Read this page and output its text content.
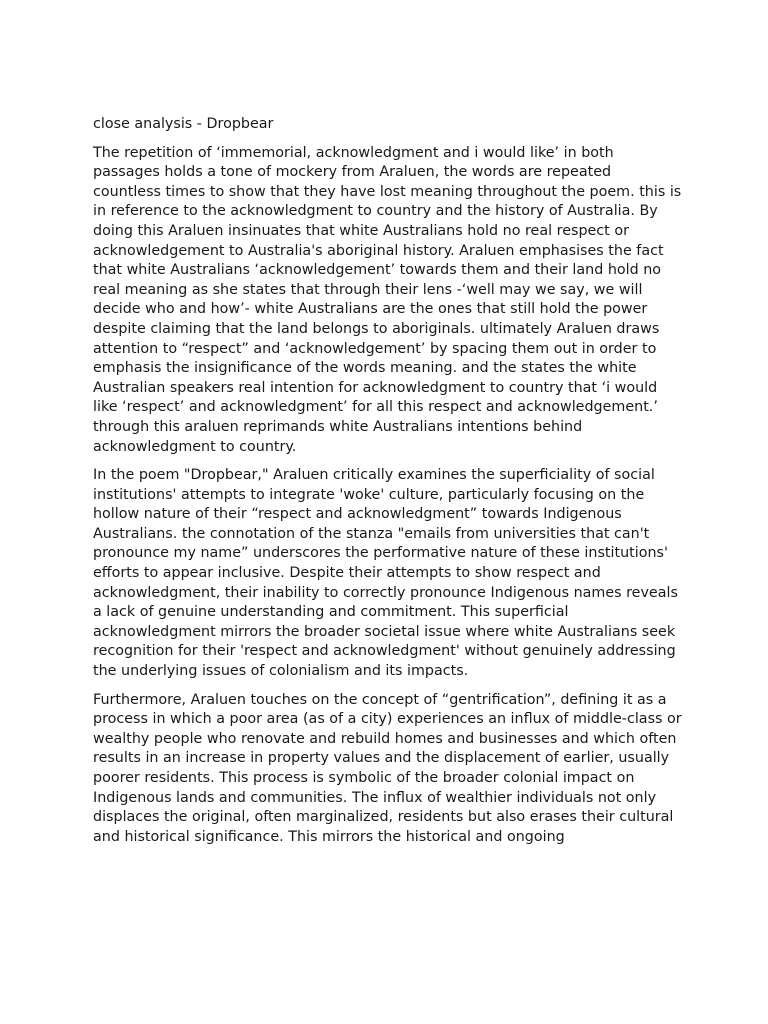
close analysis - Dropbear

The repetition of ‘immemorial, acknowledgment and i would like’ in both passages holds a tone of mockery from Araluen, the words are repeated countless times to show that they have lost meaning throughout the poem. this is in reference to the acknowledgment to country and the history of Australia. By doing this Araluen insinuates that white Australians hold no real respect or acknowledgement to Australia's aboriginal history. Araluen emphasises the fact that white Australians ‘acknowledgement’ towards them and their land hold no real meaning as she states that through their lens -‘well may we say, we will decide who and how’- white Australians are the ones that still hold the power despite claiming that the land belongs to aboriginals. ultimately Araluen draws attention to “respect” and ‘acknowledgement’ by spacing them out in order to emphasis the insignificance of the words meaning. and the states the white Australian speakers real intention for acknowledgment to country that ‘i would like ‘respect’ and acknowledgment’ for all this respect and acknowledgement.’ through this araluen reprimands white Australians intentions behind acknowledgment to country.

In the poem "Dropbear," Araluen critically examines the superficiality of social institutions' attempts to integrate 'woke' culture, particularly focusing on the hollow nature of their “respect and acknowledgment” towards Indigenous Australians. the connotation of the stanza "emails from universities that can't pronounce my name” underscores the performative nature of these institutions' efforts to appear inclusive. Despite their attempts to show respect and acknowledgment, their inability to correctly pronounce Indigenous names reveals a lack of genuine understanding and commitment. This superficial acknowledgment mirrors the broader societal issue where white Australians seek recognition for their 'respect and acknowledgment' without genuinely addressing the underlying issues of colonialism and its impacts.

Furthermore, Araluen touches on the concept of “gentrification”, defining it as a process in which a poor area (as of a city) experiences an influx of middle-class or wealthy people who renovate and rebuild homes and businesses and which often results in an increase in property values and the displacement of earlier, usually poorer residents. This process is symbolic of the broader colonial impact on Indigenous lands and communities. The influx of wealthier individuals not only displaces the original, often marginalized, residents but also erases their cultural and historical significance. This mirrors the historical and ongoing
